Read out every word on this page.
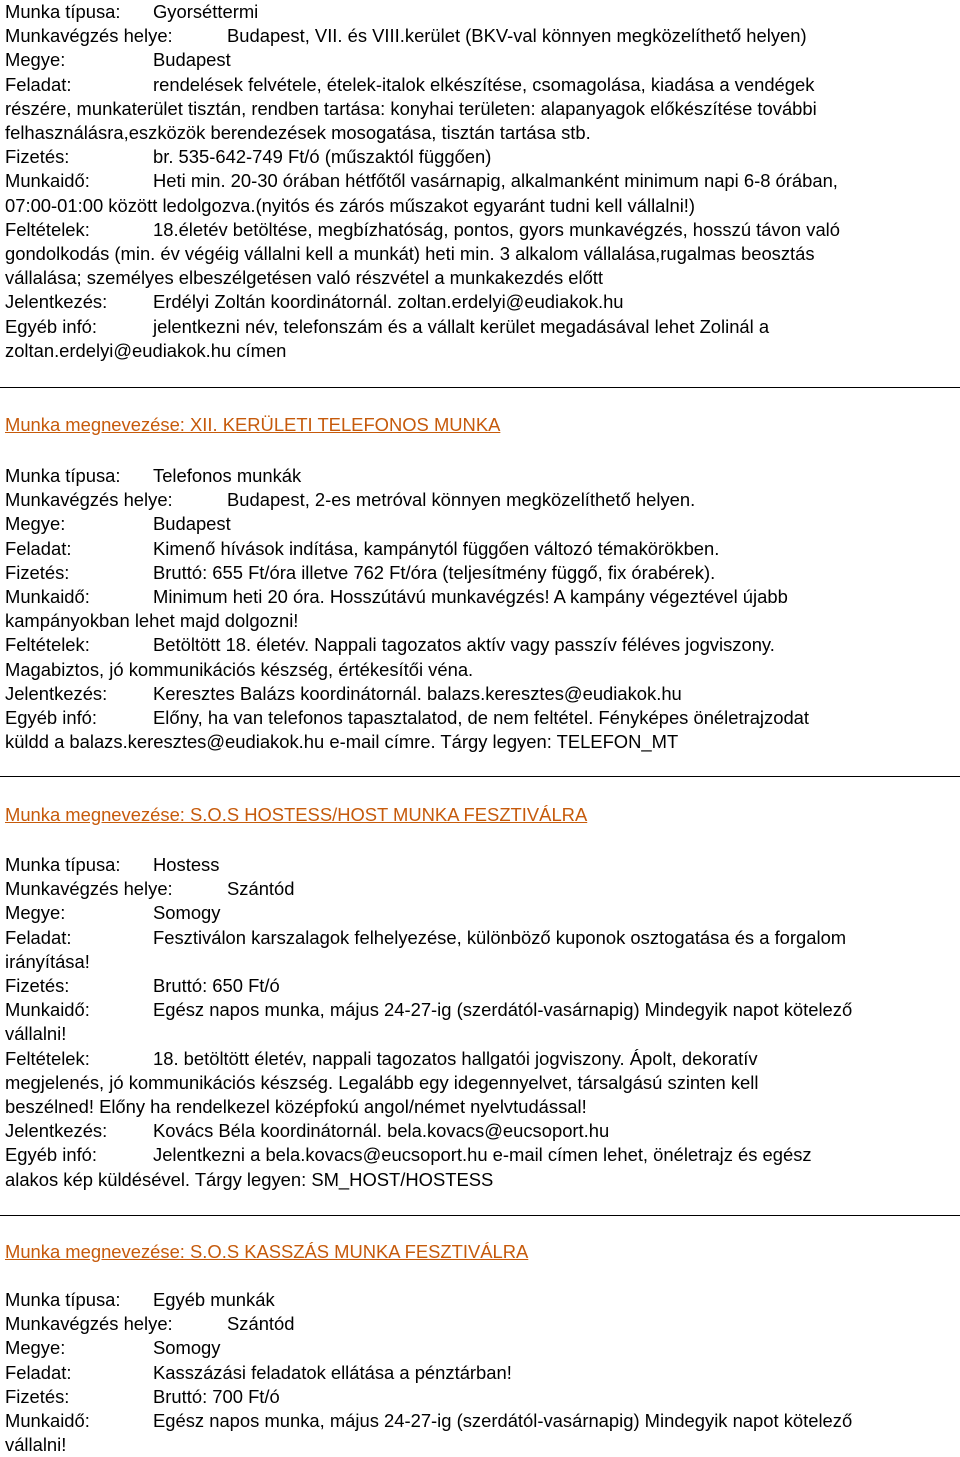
Munka típusa: Gyorséttermi
Munkavégzés helye:	Budapest, VII. és VIII.kerület (BKV-val könnyen megközelíthető helyen)
Megye:	Budapest
Feladat:	rendelések felvétele, ételek-italok elkészítése, csomagolása, kiadása a vendégek
részére, munkaterület tisztán, rendben tartása: konyhai területen: alapanyagok előkészítése további
felhasználásra,eszközök berendezések mosogatása, tisztán tartása stb.
Fizetés:	br. 535-642-749 Ft/ó (műszaktól függően)
Munkaidő:	Heti min. 20-30 órában hétfőtől vasárnapig, alkalmanként minimum napi 6-8 órában,
07:00-01:00 között ledolgozva.(nyitós és zárós műszakot egyaránt tudni kell vállalni!)
Feltételek:	18.életév betöltése, megbízhatóság, pontos, gyors munkavégzés, hosszú távon való
gondolkodás (min. év végéig vállalni kell a munkát) heti min. 3 alkalom vállalása,rugalmas beosztás
vállalása; személyes elbeszélgetésen való részvétel a munkakezdés előtt
Jelentkezés: Erdélyi Zoltán koordinátornál. zoltan.erdelyi@eudiakok.hu
Egyéb infó:	jelentkezni név, telefonszám és a vállalt kerület megadásával lehet Zolinál a
zoltan.erdelyi@eudiakok.hu címen
Munka megnevezése: XII. KERÜLETI TELEFONOS MUNKA
Munka típusa: Telefonos munkák
Munkavégzés helye:	Budapest, 2-es metróval könnyen megközelíthető helyen.
Megye:	Budapest
Feladat:	Kimenő hívások indítása, kampánytól függően változó témakörökben.
Fizetés:	Bruttó: 655 Ft/óra illetve 762 Ft/óra (teljesítmény függő, fix órabérek).
Munkaidő:	Minimum heti 20 óra. Hosszútávú munkavégzés! A kampány végeztével újabb
kampányokban lehet majd dolgozni!
Feltételek:	Betöltött 18. életév. Nappali tagozatos aktív vagy passzív féléves jogviszony.
Magabiztos, jó kommunikációs készség, értékesítői véna.
Jelentkezés: Keresztes Balázs koordinátornál. balazs.keresztes@eudiakok.hu
Egyéb infó:	Előny, ha van telefonos tapasztalatod, de nem feltétel. Fényképes önéletrajzodat
küldd a balazs.keresztes@eudiakok.hu e-mail címre. Tárgy legyen: TELEFON_MT
Munka megnevezése: S.O.S HOSTESS/HOST MUNKA FESZTIVÁLRA
Munka típusa: Hostess
Munkavégzés helye:	Szántód
Megye:	Somogy
Feladat:	Fesztiválon karszalagok felhelyezése, különböző kuponok osztogatása és a forgalom
irányítása!
Fizetés:	Bruttó: 650 Ft/ó
Munkaidő:	Egész napos munka, május 24-27-ig (szerdától-vasárnapig) Mindegyik napot kötelező
vállalni!
Feltételek:	18. betöltött életév, nappali tagozatos hallgatói jogviszony. Ápolt, dekoratív
megjelenés, jó kommunikációs készség. Legalább egy idegennyelvet, társalgású szinten kell
beszélned! Előny ha rendelkezel középfokú angol/német nyelvtudással!
Jelentkezés: Kovács Béla koordinátornál. bela.kovacs@eucsoport.hu
Egyéb infó:	Jelentkezni a bela.kovacs@eucsoport.hu e-mail címen lehet, önéletrajz és egész
alakos kép küldésével. Tárgy legyen: SM_HOST/HOSTESS
Munka megnevezése: S.O.S KASSZÁS MUNKA FESZTIVÁLRA
Munka típusa: Egyéb munkák
Munkavégzés helye:	Szántód
Megye:	Somogy
Feladat:	Kasszázási feladatok ellátása a pénztárban!
Fizetés:	Bruttó: 700 Ft/ó
Munkaidő:	Egész napos munka, május 24-27-ig (szerdától-vasárnapig) Mindegyik napot kötelező
vállalni!
